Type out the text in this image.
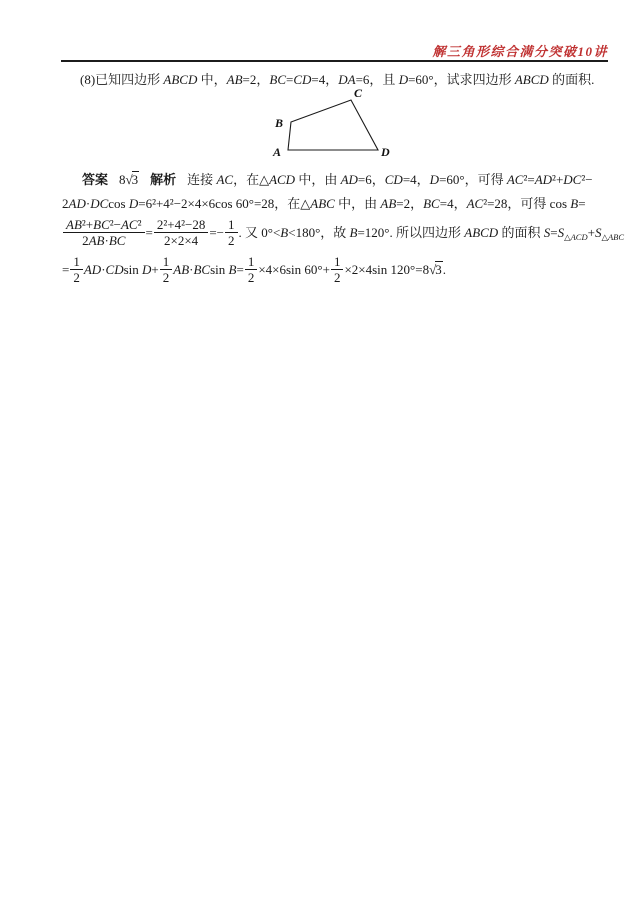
解三角形综合满分突破10讲

(8)已知四边形 ABCD 中，AB=2，BC=CD=4，DA=6，且 D=60°，试求四边形 ABCD 的面积.

A
B
C
D
答案 8√3 解析 连接 AC，在△ACD 中，由 AD=6，CD=4，D=60°，可得 AC²=AD²+DC²−
2AD·DCcos D=6²+4²−2×4×6cos 60°=28，在△ABC 中，由 AB=2，BC=4，AC²=28，可得 cos B=
$\frac{\text{AB²+BC²−AC²}}{2AB\cdot BC} = \frac{\text{2²+4²−28}}{2\times 2\times 4} =- \frac{1}{2}$ . 又 0°<B<180°，故 B=120°. 所以四边形 ABCD 的面积 $S=S_{\triangle ACD}+S_{\triangle ABC}$
= $\frac{1}{2} AD\cdot CDsin$ $D+ \frac{1}{2} AB\cdot BCsin$ $B= \frac{1}{2} \times 4\times 6\sin$ $60^\circ+ \frac{1}{2} \times 2\times 4\sin$ 120°=8√3.
